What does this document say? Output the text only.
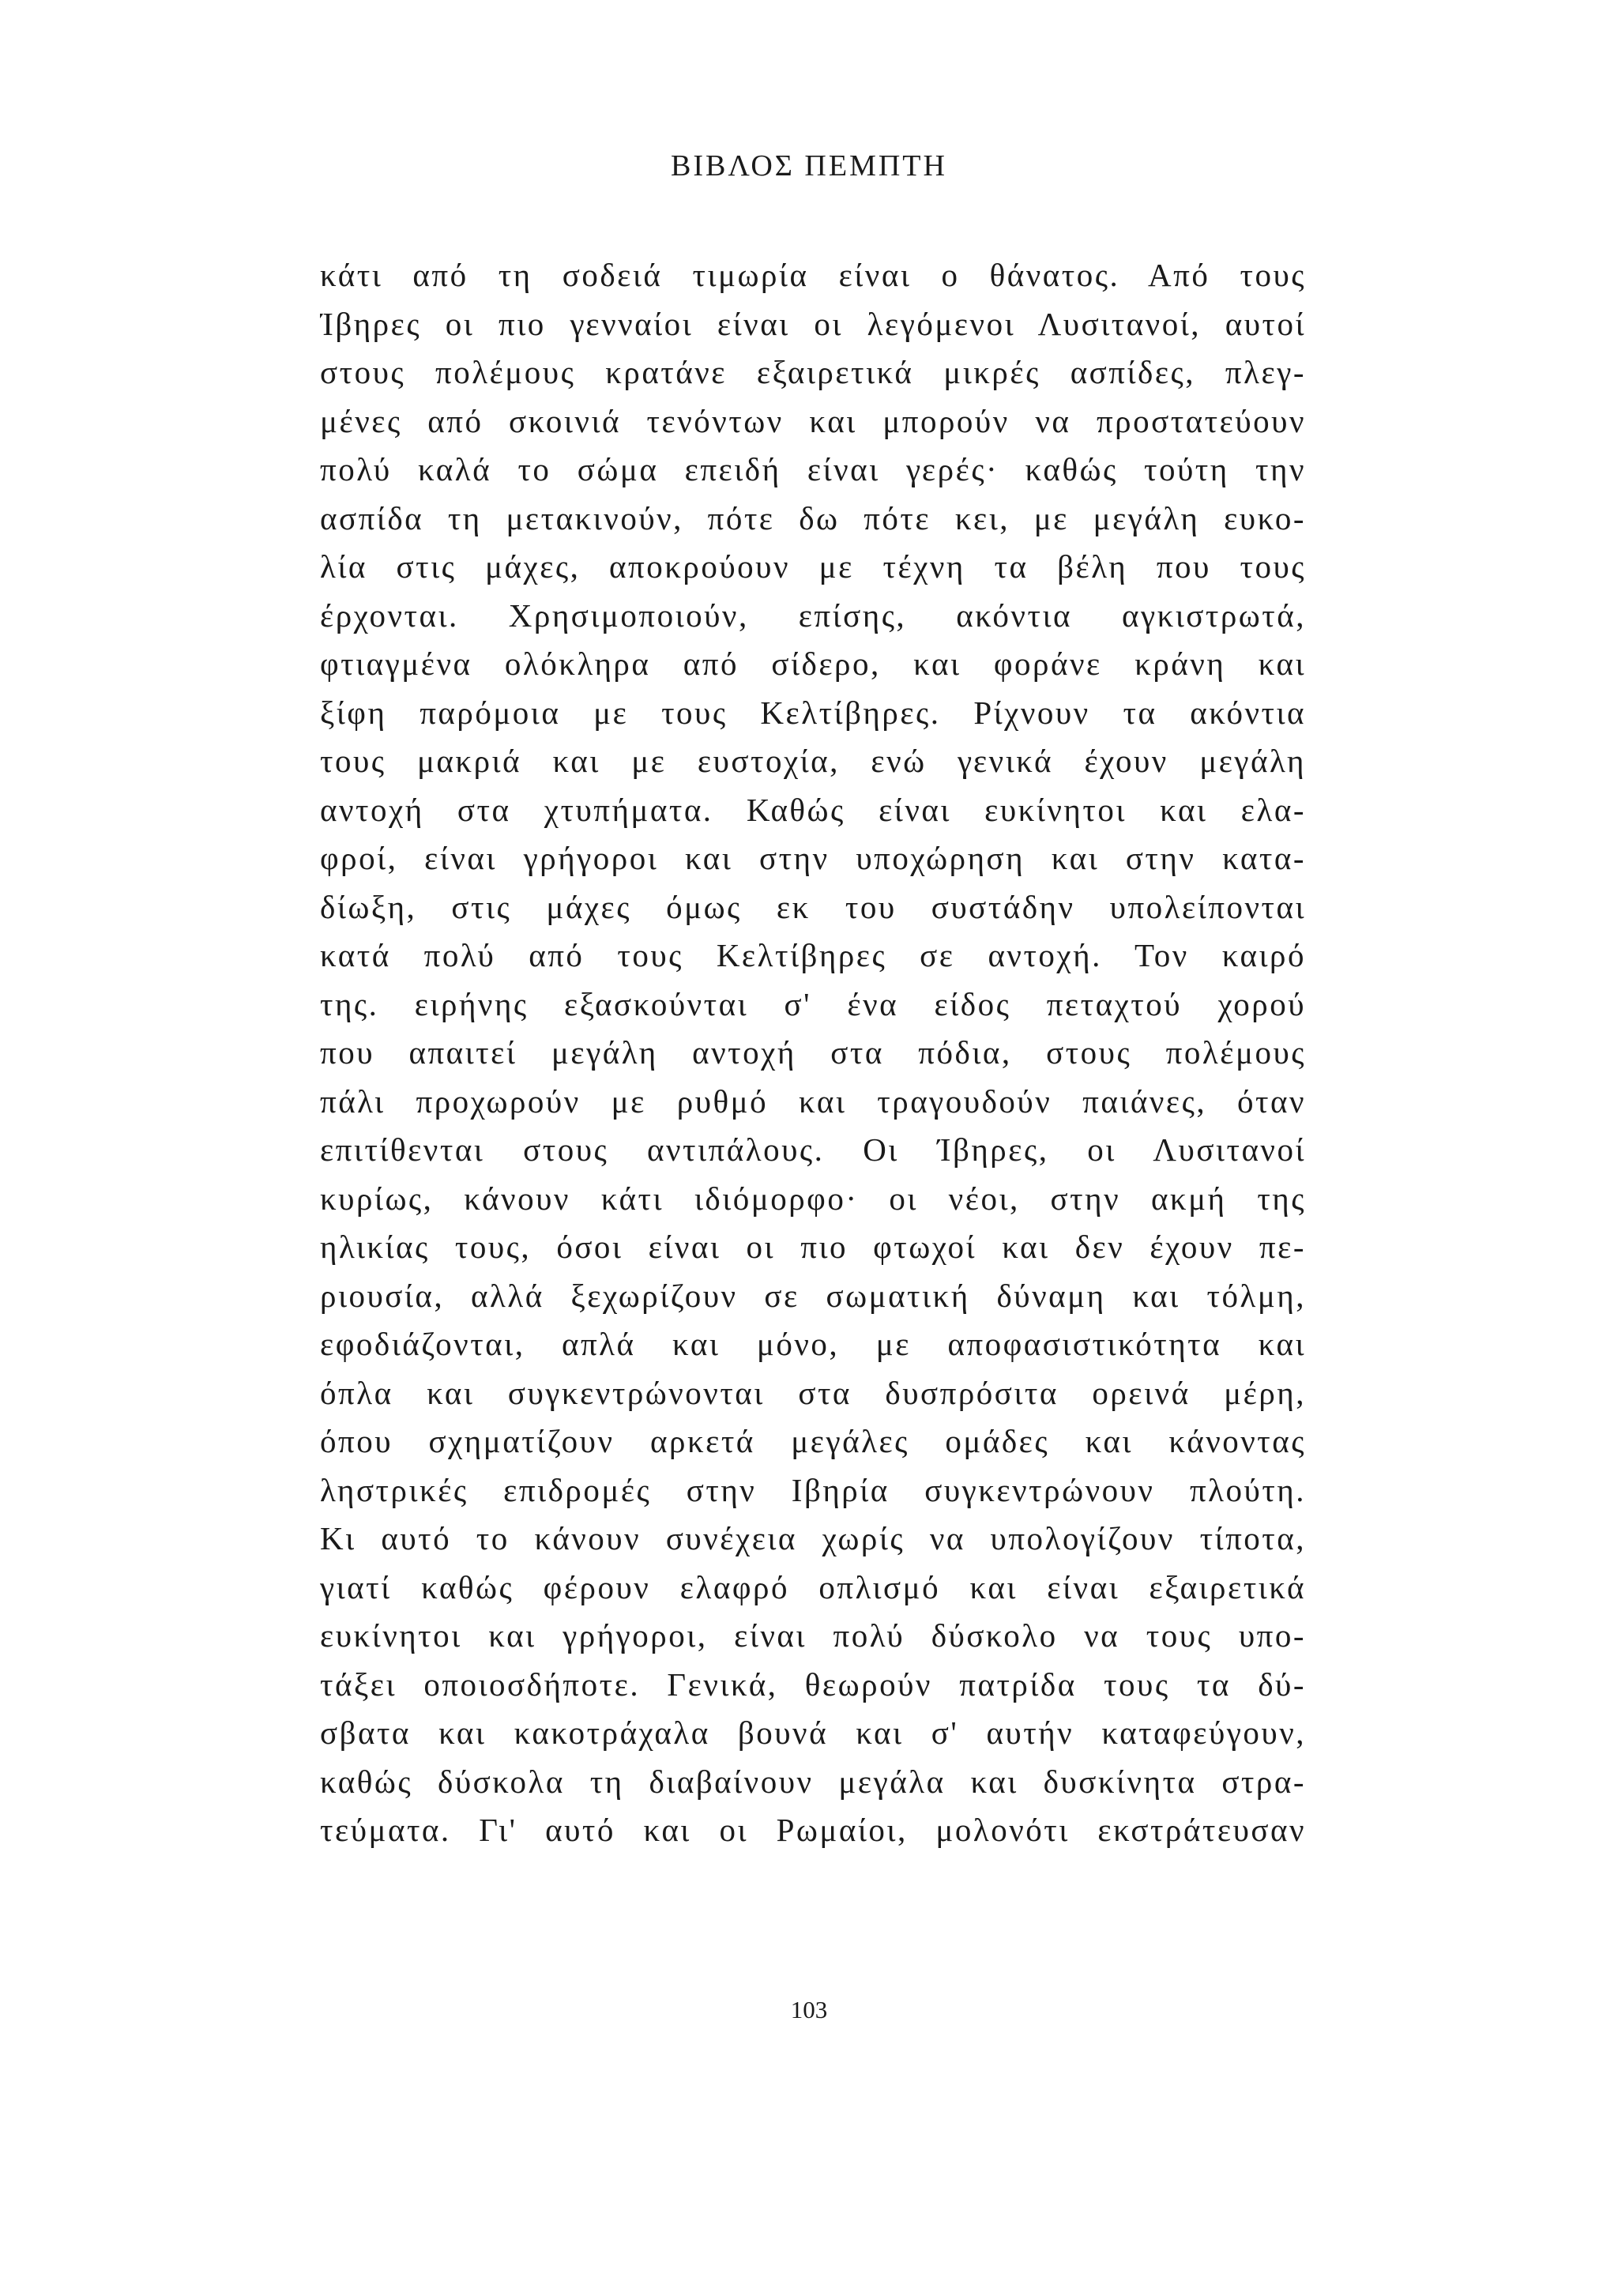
ΒΙΒΛΟΣ ΠΕΜΠΤΗ
κάτι από τη σοδειά τιμωρία είναι ο θάνατος. Από τους
Ίβηρες οι πιο γενναίοι είναι οι λεγόμενοι Λυσιτανοί, αυτοί
στους πολέμους κρατάνε εξαιρετικά μικρές ασπίδες, πλεγ-
μένες από σκοινιά τενόντων και μπορούν να προστατεύουν
πολύ καλά το σώμα επειδή είναι γερές· καθώς τούτη την
ασπίδα τη μετακινούν, πότε δω πότε κει, με μεγάλη ευκο-
λία στις μάχες, αποκρούουν με τέχνη τα βέλη που τους
έρχονται. Χρησιμοποιούν, επίσης, ακόντια αγκιστρωτά,
φτιαγμένα ολόκληρα από σίδερο, και φοράνε κράνη και
ξίφη παρόμοια με τους Κελτίβηρες. Ρίχνουν τα ακόντια
τους μακριά και με ευστοχία, ενώ γενικά έχουν μεγάλη
αντοχή στα χτυπήματα. Καθώς είναι ευκίνητοι και ελα-
φροί, είναι γρήγοροι και στην υποχώρηση και στην κατα-
δίωξη, στις μάχες όμως εκ του συστάδην υπολείπονται
κατά πολύ από τους Κελτίβηρες σε αντοχή. Τον καιρό
της. ειρήνης εξασκούνται σ' ένα είδος πεταχτού χορού
που απαιτεί μεγάλη αντοχή στα πόδια, στους πολέμους
πάλι προχωρούν με ρυθμό και τραγουδούν παιάνες, όταν
επιτίθενται στους αντιπάλους. Οι Ίβηρες, οι Λυσιτανοί
κυρίως, κάνουν κάτι ιδιόμορφο· οι νέοι, στην ακμή της
ηλικίας τους, όσοι είναι οι πιο φτωχοί και δεν έχουν πε-
ριουσία, αλλά ξεχωρίζουν σε σωματική δύναμη και τόλμη,
εφοδιάζονται, απλά και μόνο, με αποφασιστικότητα και
όπλα και συγκεντρώνονται στα δυσπρόσιτα ορεινά μέρη,
όπου σχηματίζουν αρκετά μεγάλες ομάδες και κάνοντας
ληστρικές επιδρομές στην Ιβηρία συγκεντρώνουν πλούτη.
Κι αυτό το κάνουν συνέχεια χωρίς να υπολογίζουν τίποτα,
γιατί καθώς φέρουν ελαφρό οπλισμό και είναι εξαιρετικά
ευκίνητοι και γρήγοροι, είναι πολύ δύσκολο να τους υπο-
τάξει οποιοσδήποτε. Γενικά, θεωρούν πατρίδα τους τα δύ-
σβατα και κακοτράχαλα βουνά και σ' αυτήν καταφεύγουν,
καθώς δύσκολα τη διαβαίνουν μεγάλα και δυσκίνητα στρα-
τεύματα. Γι' αυτό και οι Ρωμαίοι, μολονότι εκστράτευσαν
103
